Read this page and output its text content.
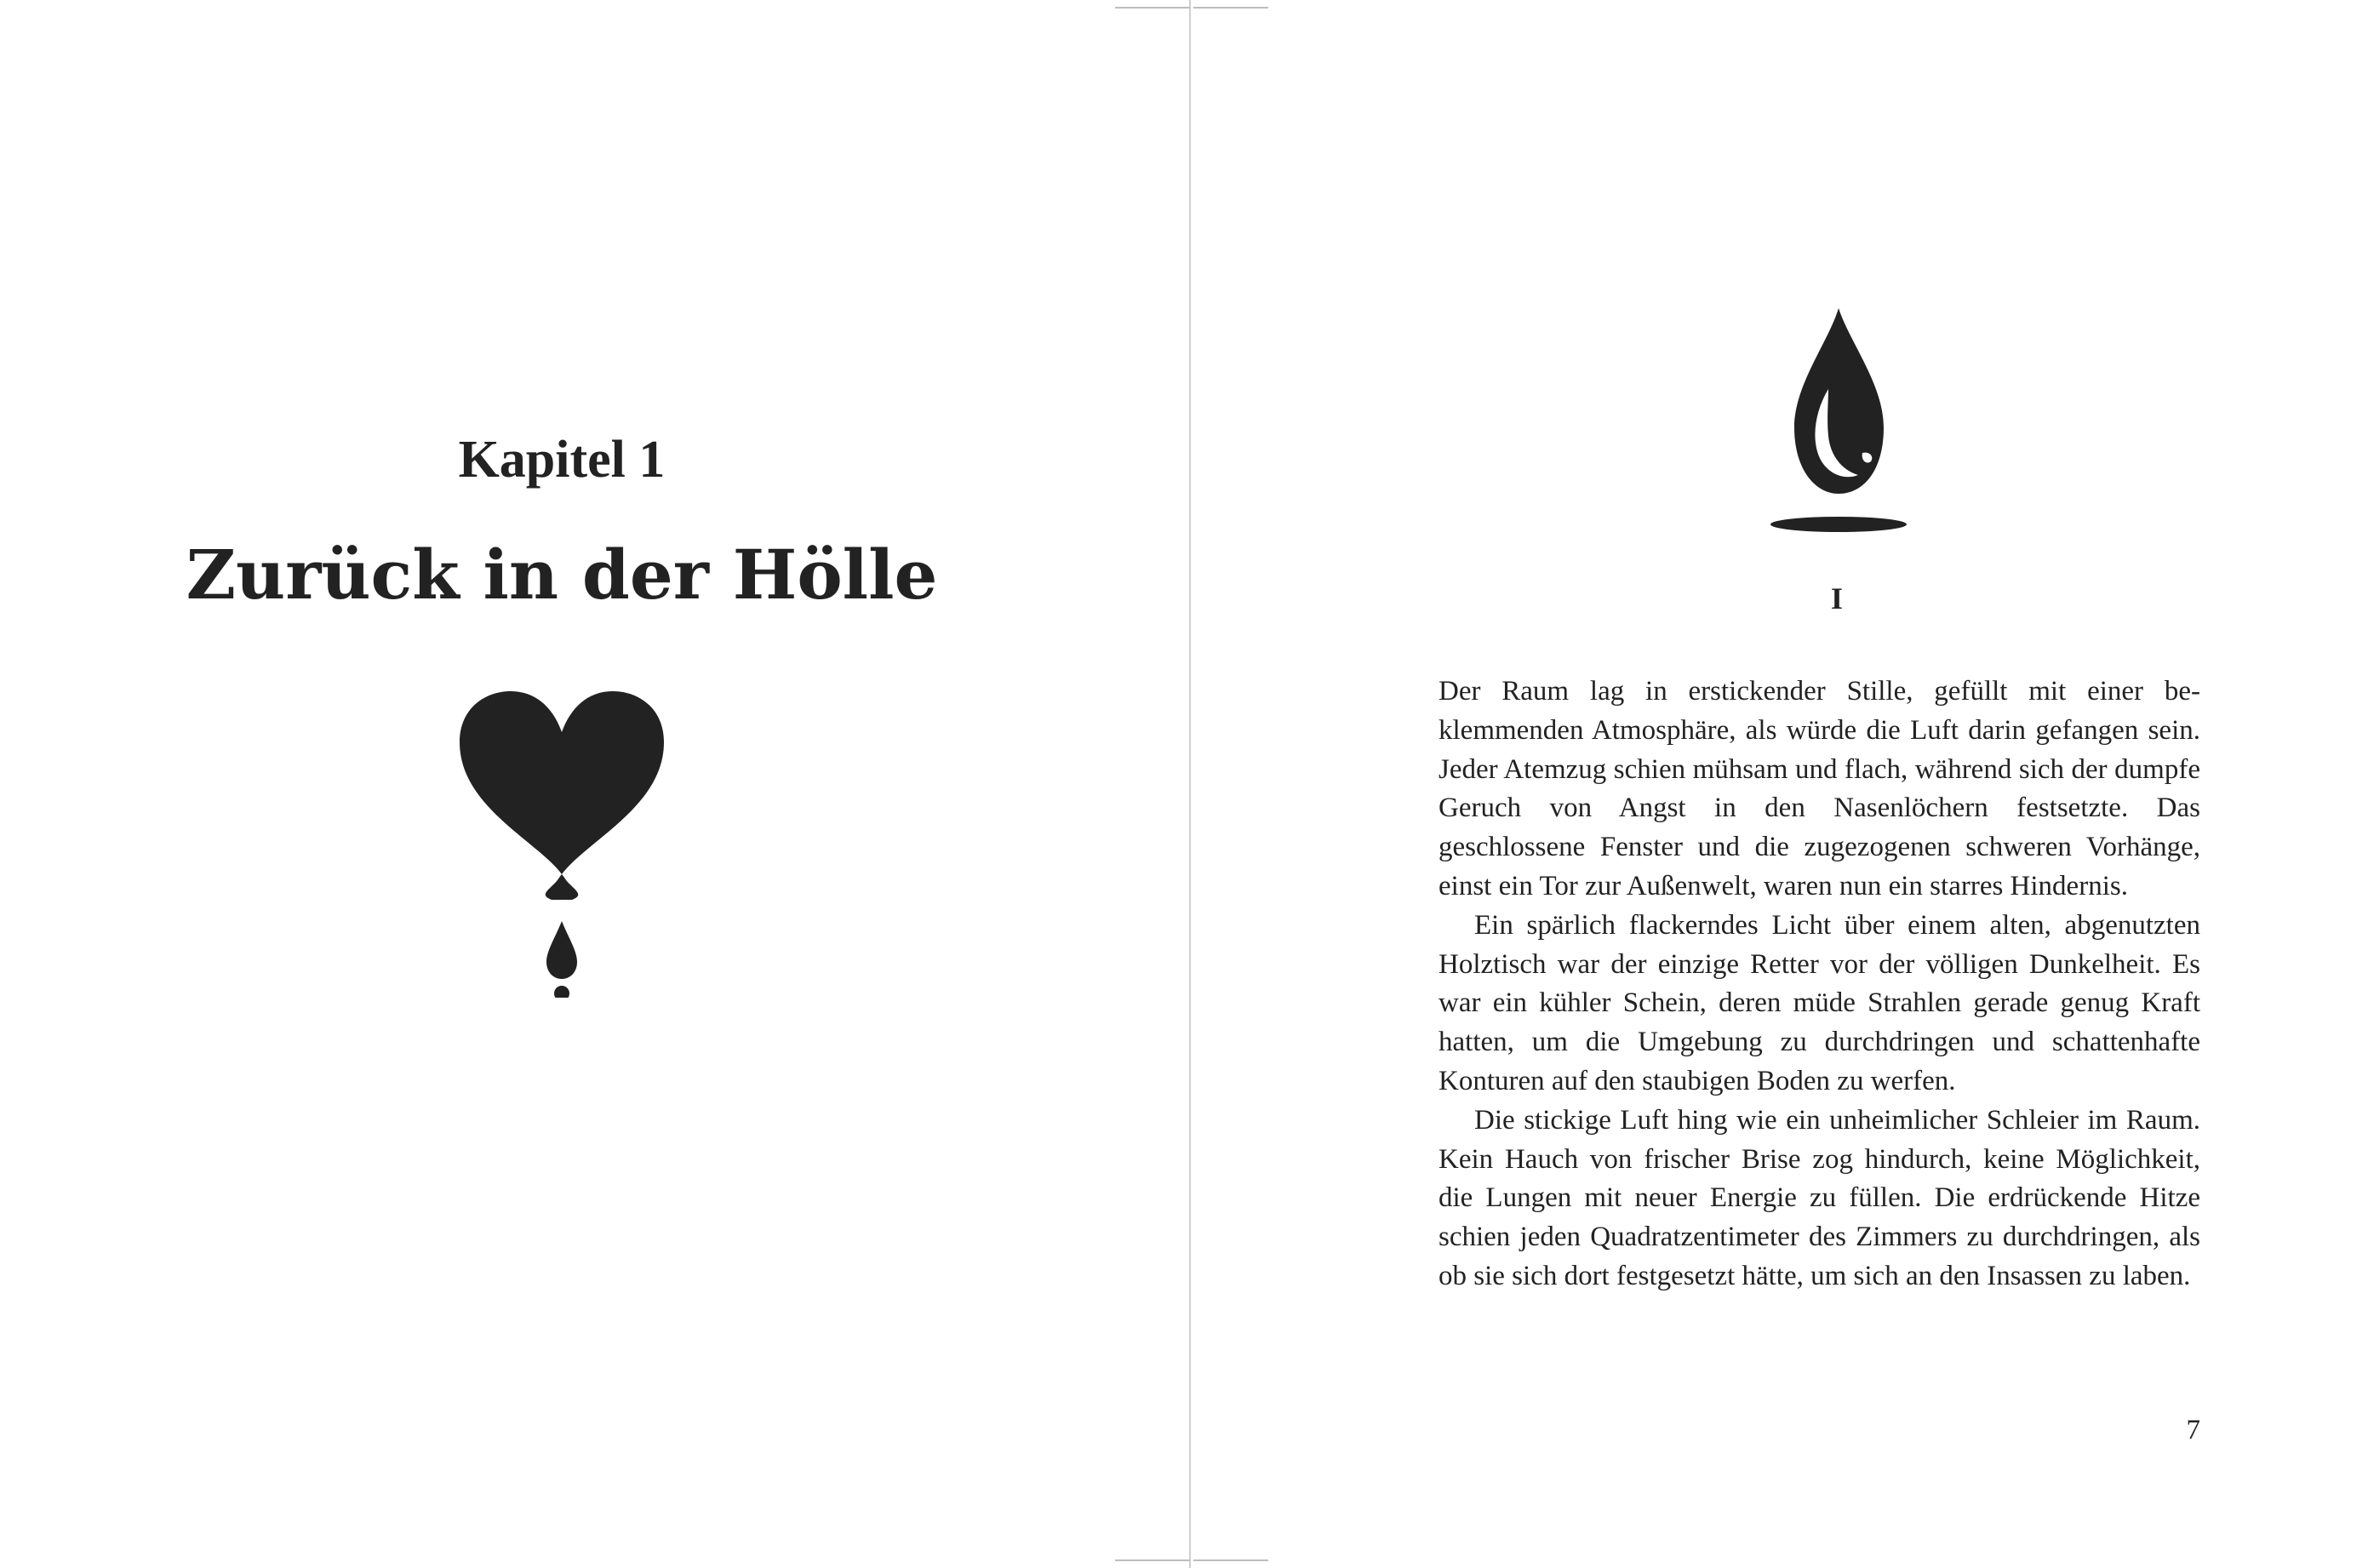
Kapitel 1
Zurück in der Hölle	I

Der Raum lag in erstickender Stille, gefüllt mit einer beklemmenden Atmosphäre, als würde die Luft darin gefangen sein. Jeder Atemzug schien mühsam und flach, während sich der dumpfe Geruch von Angst in den Nasenlöchern festsetzte. Das geschlossene Fenster und die zugezogenen schweren Vorhänge, einst ein Tor zur Außenwelt, waren nun ein starres Hindernis.

Ein spärlich flackerndes Licht über einem alten, abgenutzten Holztisch war der einzige Retter vor der völligen Dunkelheit. Es war ein kühler Schein, deren müde Strahlen gerade genug Kraft hatten, um die Umgebung zu durchdringen und schattenhafte Konturen auf den staubigen Boden zu werfen.

Die stickige Luft hing wie ein unheimlicher Schleier im Raum. Kein Hauch von frischer Brise zog hindurch, keine Möglichkeit, die Lungen mit neuer Energie zu füllen. Die erdrückende Hitze schien jeden Quadratzentimeter des Zimmers zu durchdringen, als ob sie sich dort festgesetzt hätte, um sich an den Insassen zu laben.

7
